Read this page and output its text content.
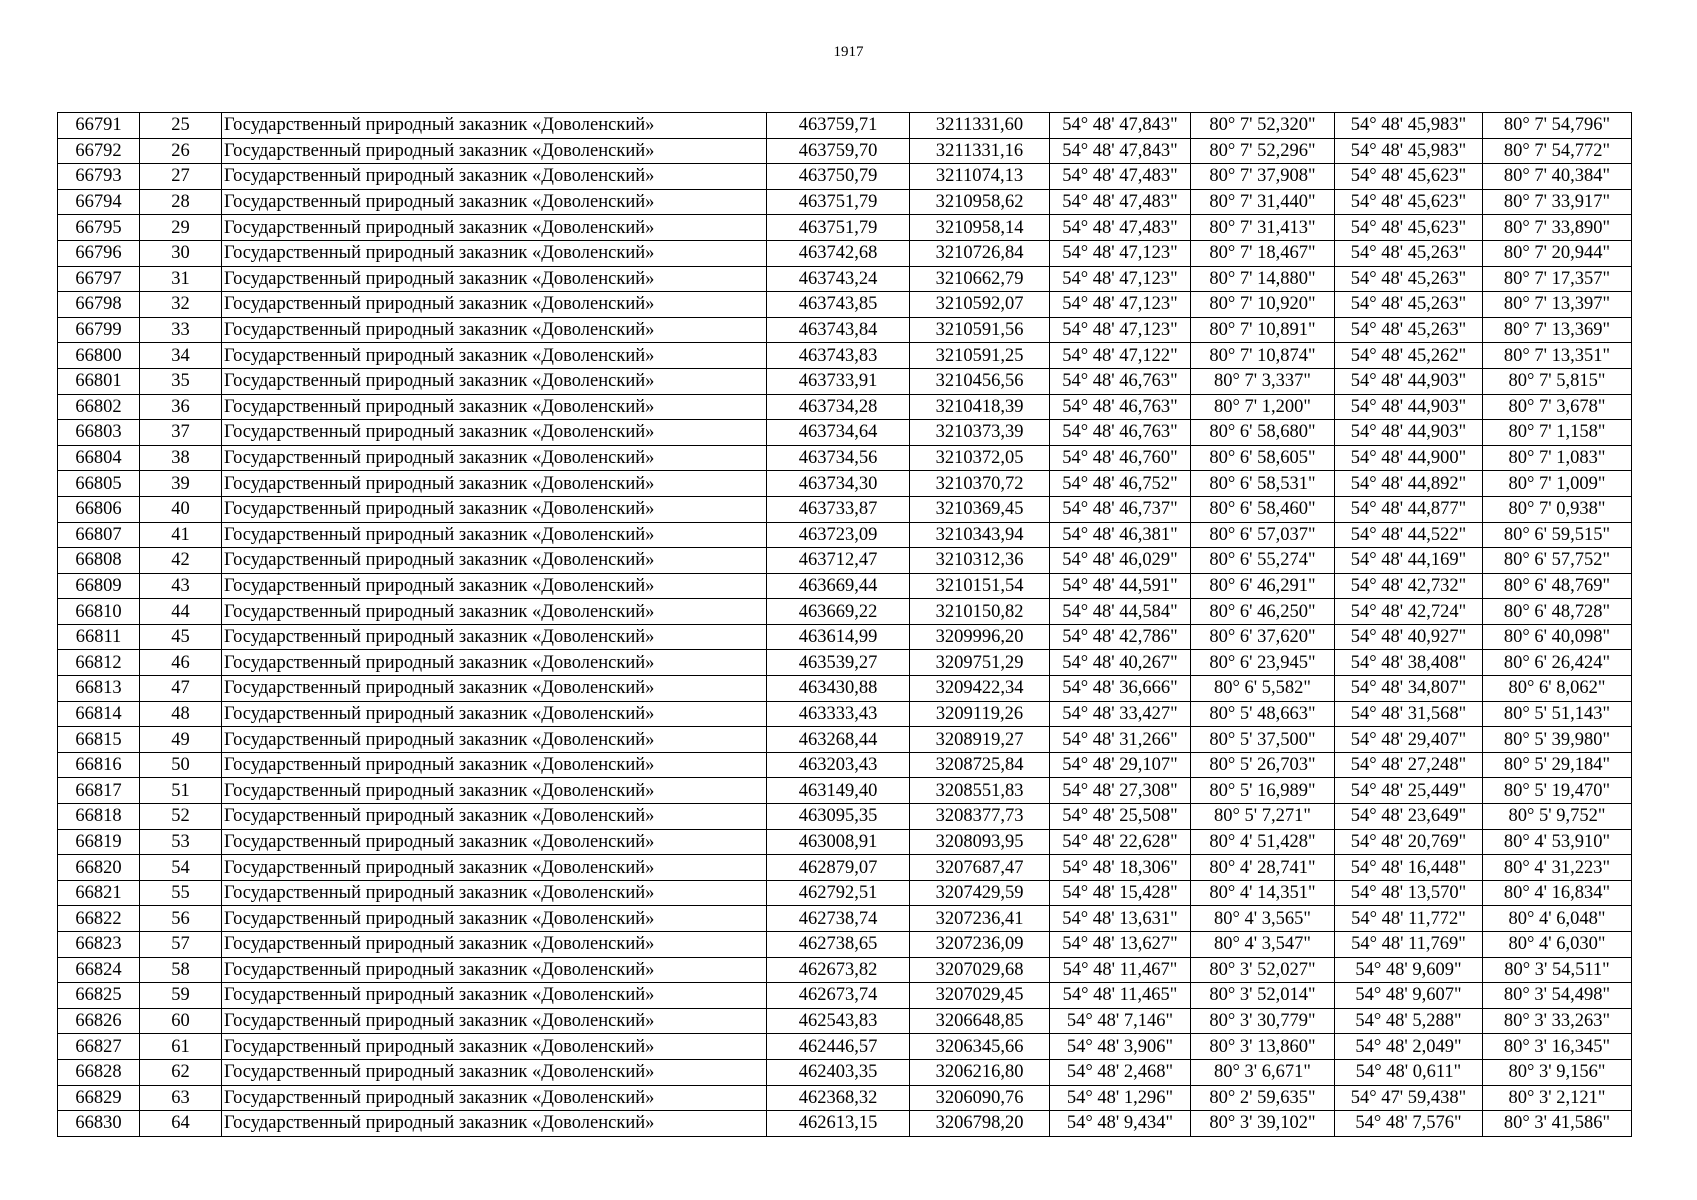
1917
66791	25	Государственный природный заказник «Доволенский»	463759,71	3211331,60	54° 48' 47,843"	80° 7' 52,320"	54° 48' 45,983"	80° 7' 54,796"
66792	26	Государственный природный заказник «Доволенский»	463759,70	3211331,16	54° 48' 47,843"	80° 7' 52,296"	54° 48' 45,983"	80° 7' 54,772"
66793	27	Государственный природный заказник «Доволенский»	463750,79	3211074,13	54° 48' 47,483"	80° 7' 37,908"	54° 48' 45,623"	80° 7' 40,384"
66794	28	Государственный природный заказник «Доволенский»	463751,79	3210958,62	54° 48' 47,483"	80° 7' 31,440"	54° 48' 45,623"	80° 7' 33,917"
66795	29	Государственный природный заказник «Доволенский»	463751,79	3210958,14	54° 48' 47,483"	80° 7' 31,413"	54° 48' 45,623"	80° 7' 33,890"
66796	30	Государственный природный заказник «Доволенский»	463742,68	3210726,84	54° 48' 47,123"	80° 7' 18,467"	54° 48' 45,263"	80° 7' 20,944"
66797	31	Государственный природный заказник «Доволенский»	463743,24	3210662,79	54° 48' 47,123"	80° 7' 14,880"	54° 48' 45,263"	80° 7' 17,357"
66798	32	Государственный природный заказник «Доволенский»	463743,85	3210592,07	54° 48' 47,123"	80° 7' 10,920"	54° 48' 45,263"	80° 7' 13,397"
66799	33	Государственный природный заказник «Доволенский»	463743,84	3210591,56	54° 48' 47,123"	80° 7' 10,891"	54° 48' 45,263"	80° 7' 13,369"
66800	34	Государственный природный заказник «Доволенский»	463743,83	3210591,25	54° 48' 47,122"	80° 7' 10,874"	54° 48' 45,262"	80° 7' 13,351"
66801	35	Государственный природный заказник «Доволенский»	463733,91	3210456,56	54° 48' 46,763"	80° 7' 3,337"	54° 48' 44,903"	80° 7' 5,815"
66802	36	Государственный природный заказник «Доволенский»	463734,28	3210418,39	54° 48' 46,763"	80° 7' 1,200"	54° 48' 44,903"	80° 7' 3,678"
66803	37	Государственный природный заказник «Доволенский»	463734,64	3210373,39	54° 48' 46,763"	80° 6' 58,680"	54° 48' 44,903"	80° 7' 1,158"
66804	38	Государственный природный заказник «Доволенский»	463734,56	3210372,05	54° 48' 46,760"	80° 6' 58,605"	54° 48' 44,900"	80° 7' 1,083"
66805	39	Государственный природный заказник «Доволенский»	463734,30	3210370,72	54° 48' 46,752"	80° 6' 58,531"	54° 48' 44,892"	80° 7' 1,009"
66806	40	Государственный природный заказник «Доволенский»	463733,87	3210369,45	54° 48' 46,737"	80° 6' 58,460"	54° 48' 44,877"	80° 7' 0,938"
66807	41	Государственный природный заказник «Доволенский»	463723,09	3210343,94	54° 48' 46,381"	80° 6' 57,037"	54° 48' 44,522"	80° 6' 59,515"
66808	42	Государственный природный заказник «Доволенский»	463712,47	3210312,36	54° 48' 46,029"	80° 6' 55,274"	54° 48' 44,169"	80° 6' 57,752"
66809	43	Государственный природный заказник «Доволенский»	463669,44	3210151,54	54° 48' 44,591"	80° 6' 46,291"	54° 48' 42,732"	80° 6' 48,769"
66810	44	Государственный природный заказник «Доволенский»	463669,22	3210150,82	54° 48' 44,584"	80° 6' 46,250"	54° 48' 42,724"	80° 6' 48,728"
66811	45	Государственный природный заказник «Доволенский»	463614,99	3209996,20	54° 48' 42,786"	80° 6' 37,620"	54° 48' 40,927"	80° 6' 40,098"
66812	46	Государственный природный заказник «Доволенский»	463539,27	3209751,29	54° 48' 40,267"	80° 6' 23,945"	54° 48' 38,408"	80° 6' 26,424"
66813	47	Государственный природный заказник «Доволенский»	463430,88	3209422,34	54° 48' 36,666"	80° 6' 5,582"	54° 48' 34,807"	80° 6' 8,062"
66814	48	Государственный природный заказник «Доволенский»	463333,43	3209119,26	54° 48' 33,427"	80° 5' 48,663"	54° 48' 31,568"	80° 5' 51,143"
66815	49	Государственный природный заказник «Доволенский»	463268,44	3208919,27	54° 48' 31,266"	80° 5' 37,500"	54° 48' 29,407"	80° 5' 39,980"
66816	50	Государственный природный заказник «Доволенский»	463203,43	3208725,84	54° 48' 29,107"	80° 5' 26,703"	54° 48' 27,248"	80° 5' 29,184"
66817	51	Государственный природный заказник «Доволенский»	463149,40	3208551,83	54° 48' 27,308"	80° 5' 16,989"	54° 48' 25,449"	80° 5' 19,470"
66818	52	Государственный природный заказник «Доволенский»	463095,35	3208377,73	54° 48' 25,508"	80° 5' 7,271"	54° 48' 23,649"	80° 5' 9,752"
66819	53	Государственный природный заказник «Доволенский»	463008,91	3208093,95	54° 48' 22,628"	80° 4' 51,428"	54° 48' 20,769"	80° 4' 53,910"
66820	54	Государственный природный заказник «Доволенский»	462879,07	3207687,47	54° 48' 18,306"	80° 4' 28,741"	54° 48' 16,448"	80° 4' 31,223"
66821	55	Государственный природный заказник «Доволенский»	462792,51	3207429,59	54° 48' 15,428"	80° 4' 14,351"	54° 48' 13,570"	80° 4' 16,834"
66822	56	Государственный природный заказник «Доволенский»	462738,74	3207236,41	54° 48' 13,631"	80° 4' 3,565"	54° 48' 11,772"	80° 4' 6,048"
66823	57	Государственный природный заказник «Доволенский»	462738,65	3207236,09	54° 48' 13,627"	80° 4' 3,547"	54° 48' 11,769"	80° 4' 6,030"
66824	58	Государственный природный заказник «Доволенский»	462673,82	3207029,68	54° 48' 11,467"	80° 3' 52,027"	54° 48' 9,609"	80° 3' 54,511"
66825	59	Государственный природный заказник «Доволенский»	462673,74	3207029,45	54° 48' 11,465"	80° 3' 52,014"	54° 48' 9,607"	80° 3' 54,498"
66826	60	Государственный природный заказник «Доволенский»	462543,83	3206648,85	54° 48' 7,146"	80° 3' 30,779"	54° 48' 5,288"	80° 3' 33,263"
66827	61	Государственный природный заказник «Доволенский»	462446,57	3206345,66	54° 48' 3,906"	80° 3' 13,860"	54° 48' 2,049"	80° 3' 16,345"
66828	62	Государственный природный заказник «Доволенский»	462403,35	3206216,80	54° 48' 2,468"	80° 3' 6,671"	54° 48' 0,611"	80° 3' 9,156"
66829	63	Государственный природный заказник «Доволенский»	462368,32	3206090,76	54° 48' 1,296"	80° 2' 59,635"	54° 47' 59,438"	80° 3' 2,121"
66830	64	Государственный природный заказник «Доволенский»	462613,15	3206798,20	54° 48' 9,434"	80° 3' 39,102"	54° 48' 7,576"	80° 3' 41,586"
